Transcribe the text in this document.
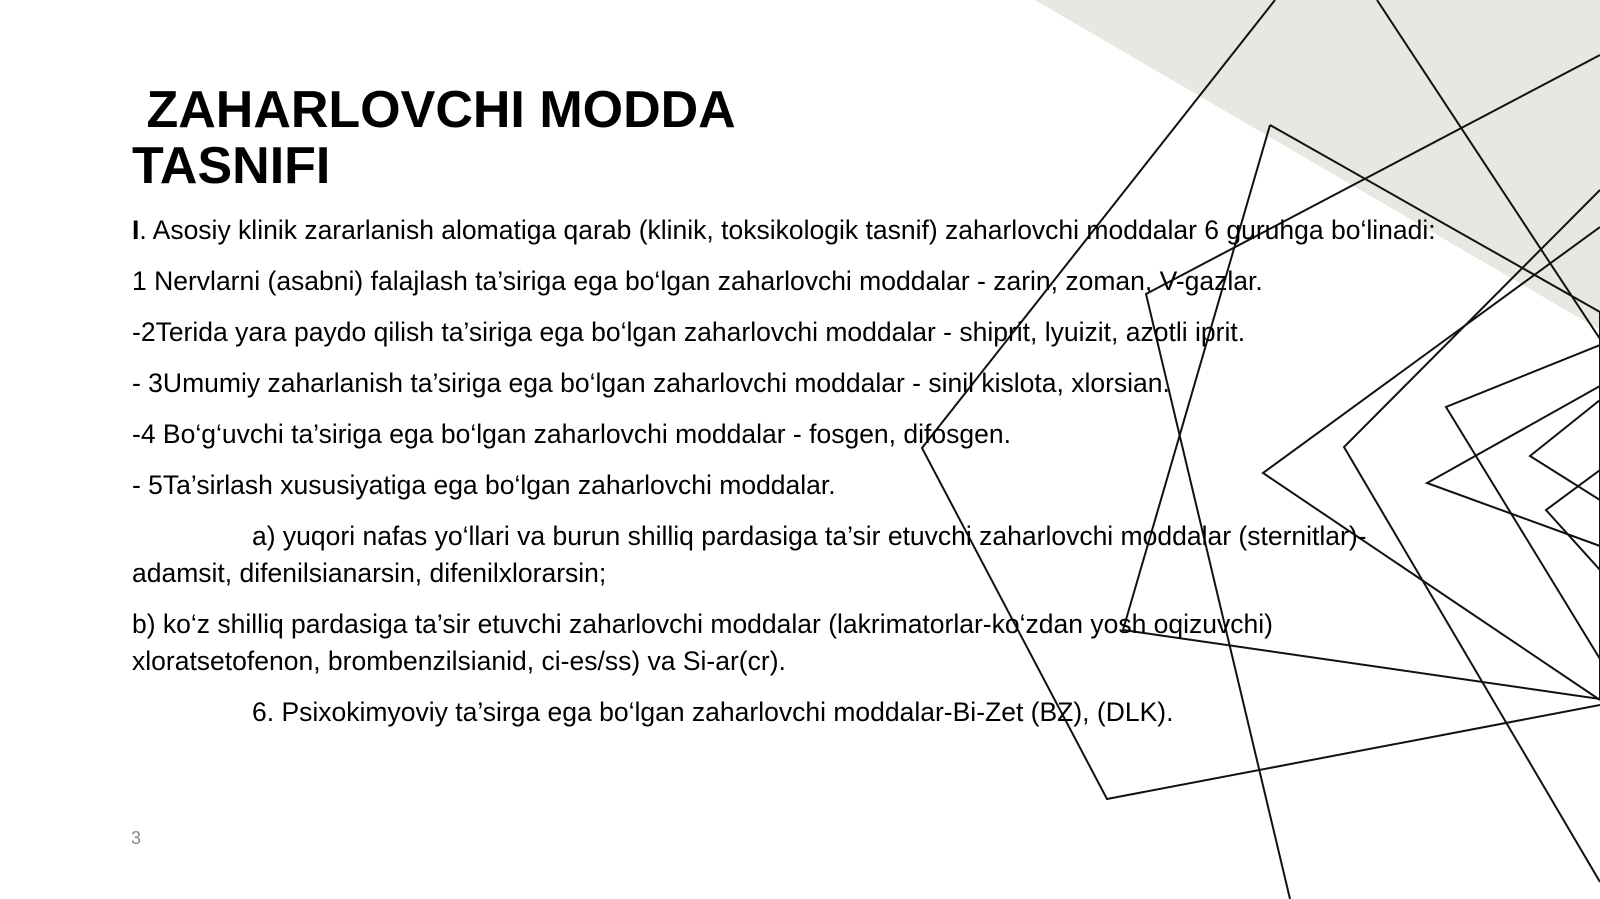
ZAHARLOVCHI MODDA
TASNIFI

I. Asosiy klinik zararlanish alomatiga qarab (klinik, toksikologik tasnif) zaharlovchi moddalar 6 guruhga bo‘linadi:

1 Nervlarni (asabni) falajlash ta’siriga ega bo‘lgan zaharlovchi moddalar - zarin, zoman, V-gazlar.

-2Terida yara paydo qilish ta’siriga ega bo‘lgan zaharlovchi moddalar - shiprit, lyuizit, azotli iprit.

- 3Umumiy zaharlanish ta’siriga ega bo‘lgan zaharlovchi moddalar - sinil kislota, xlorsian.

-4 Bo‘g‘uvchi ta’siriga ega bo‘lgan zaharlovchi moddalar - fosgen, difosgen.

- 5Ta’sirlash xususiyatiga ega bo‘lgan zaharlovchi moddalar.

a) yuqori nafas yo‘llari va burun shilliq pardasiga ta’sir etuvchi zaharlovchi moddalar (sternitlar)- adamsit, difenilsianarsin, difenilxlorarsin;

b) ko‘z shilliq pardasiga ta’sir etuvchi zaharlovchi moddalar (lakrimatorlar-ko‘zdan yosh oqizuvchi) xloratsetofenon, brombenzilsianid, ci-es/ss) va Si-ar(cr).

6. Psixokimyoviy ta’sirga ega bo‘lgan zaharlovchi moddalar-Bi-Zet (BZ), (DLK).

3
